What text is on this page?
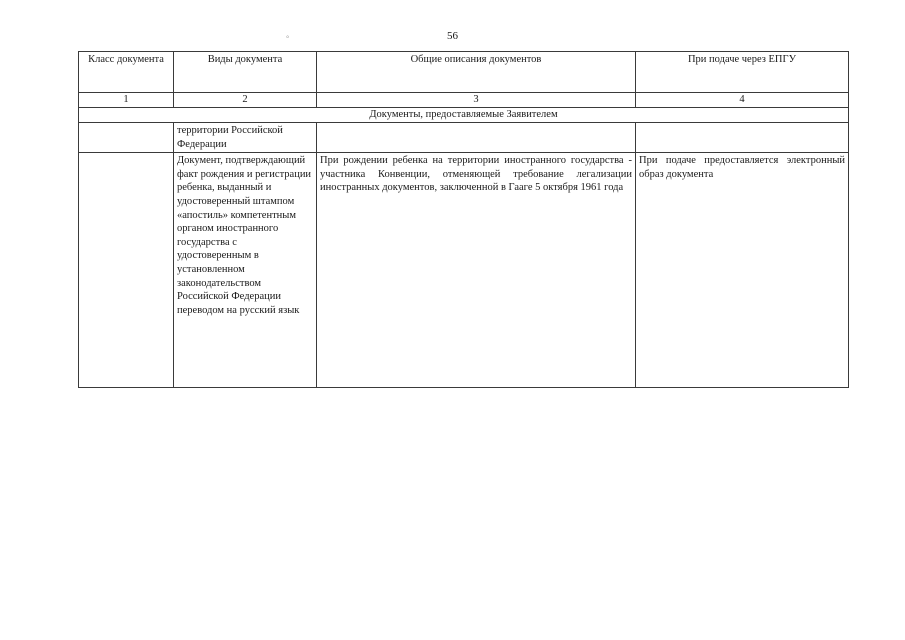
56
°
Класс документа	Виды документа	Общие описания документов	При подаче через ЕПГУ
1	2	3	4
Документы, предоставляемые Заявителем			
	территории Российской Федерации		
	Документ, подтверждающий факт рождения и регистрации ребенка, выданный и удостоверенный штампом «апостиль» компетентным органом иностранного государства с удостоверенным в установленном законодательством Российской Федерации переводом на русский язык	При рождении ребенка на территории иностранного государства - участника Конвенции, отменяющей требование легализации иностранных документов, заключенной в Гааге 5 октября 1961 года	При подаче предоставляется электронный образ документа
